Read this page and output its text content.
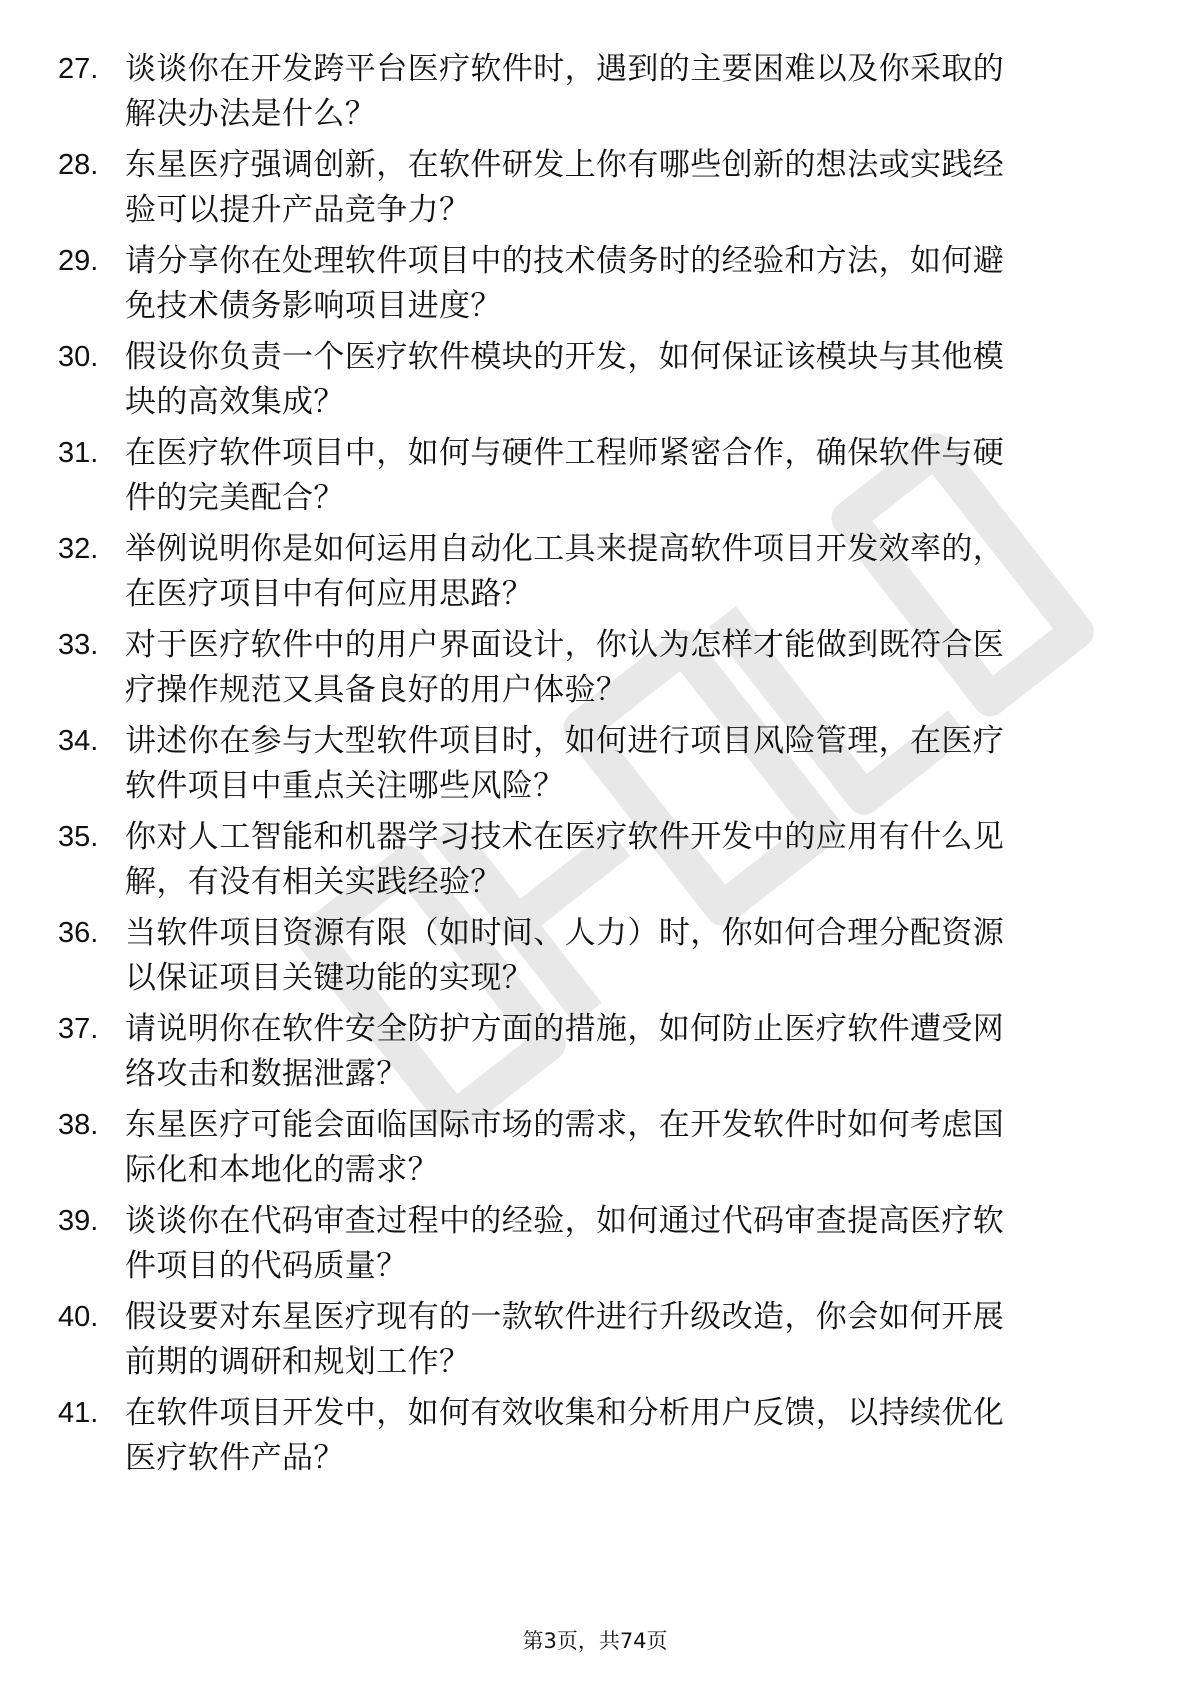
27. 谈谈你在开发跨平台医疗软件时，遇到的主要困难以及你采取的
解决办法是什么？
28. 东星医疗强调创新，在软件研发上你有哪些创新的想法或实践经
验可以提升产品竞争力？
29. 请分享你在处理软件项目中的技术债务时的经验和方法，如何避
免技术债务影响项目进度？
30. 假设你负责一个医疗软件模块的开发，如何保证该模块与其他模
块的高效集成？
31. 在医疗软件项目中，如何与硬件工程师紧密合作，确保软件与硬
件的完美配合？
32. 举例说明你是如何运用自动化工具来提高软件项目开发效率的，
在医疗项目中有何应用思路？
33. 对于医疗软件中的用户界面设计，你认为怎样才能做到既符合医
疗操作规范又具备良好的用户体验？
34. 讲述你在参与大型软件项目时，如何进行项目风险管理，在医疗
软件项目中重点关注哪些风险？
35. 你对人工智能和机器学习技术在医疗软件开发中的应用有什么见
解，有没有相关实践经验？
36. 当软件项目资源有限（如时间、人力）时，你如何合理分配资源
以保证项目关键功能的实现？
37. 请说明你在软件安全防护方面的措施，如何防止医疗软件遭受网
络攻击和数据泄露？
38. 东星医疗可能会面临国际市场的需求，在开发软件时如何考虑国
际化和本地化的需求？
39. 谈谈你在代码审查过程中的经验，如何通过代码审查提高医疗软
件项目的代码质量？
40. 假设要对东星医疗现有的一款软件进行升级改造，你会如何开展
前期的调研和规划工作？
41. 在软件项目开发中，如何有效收集和分析用户反馈，以持续优化
医疗软件产品？
第3页，共74页
